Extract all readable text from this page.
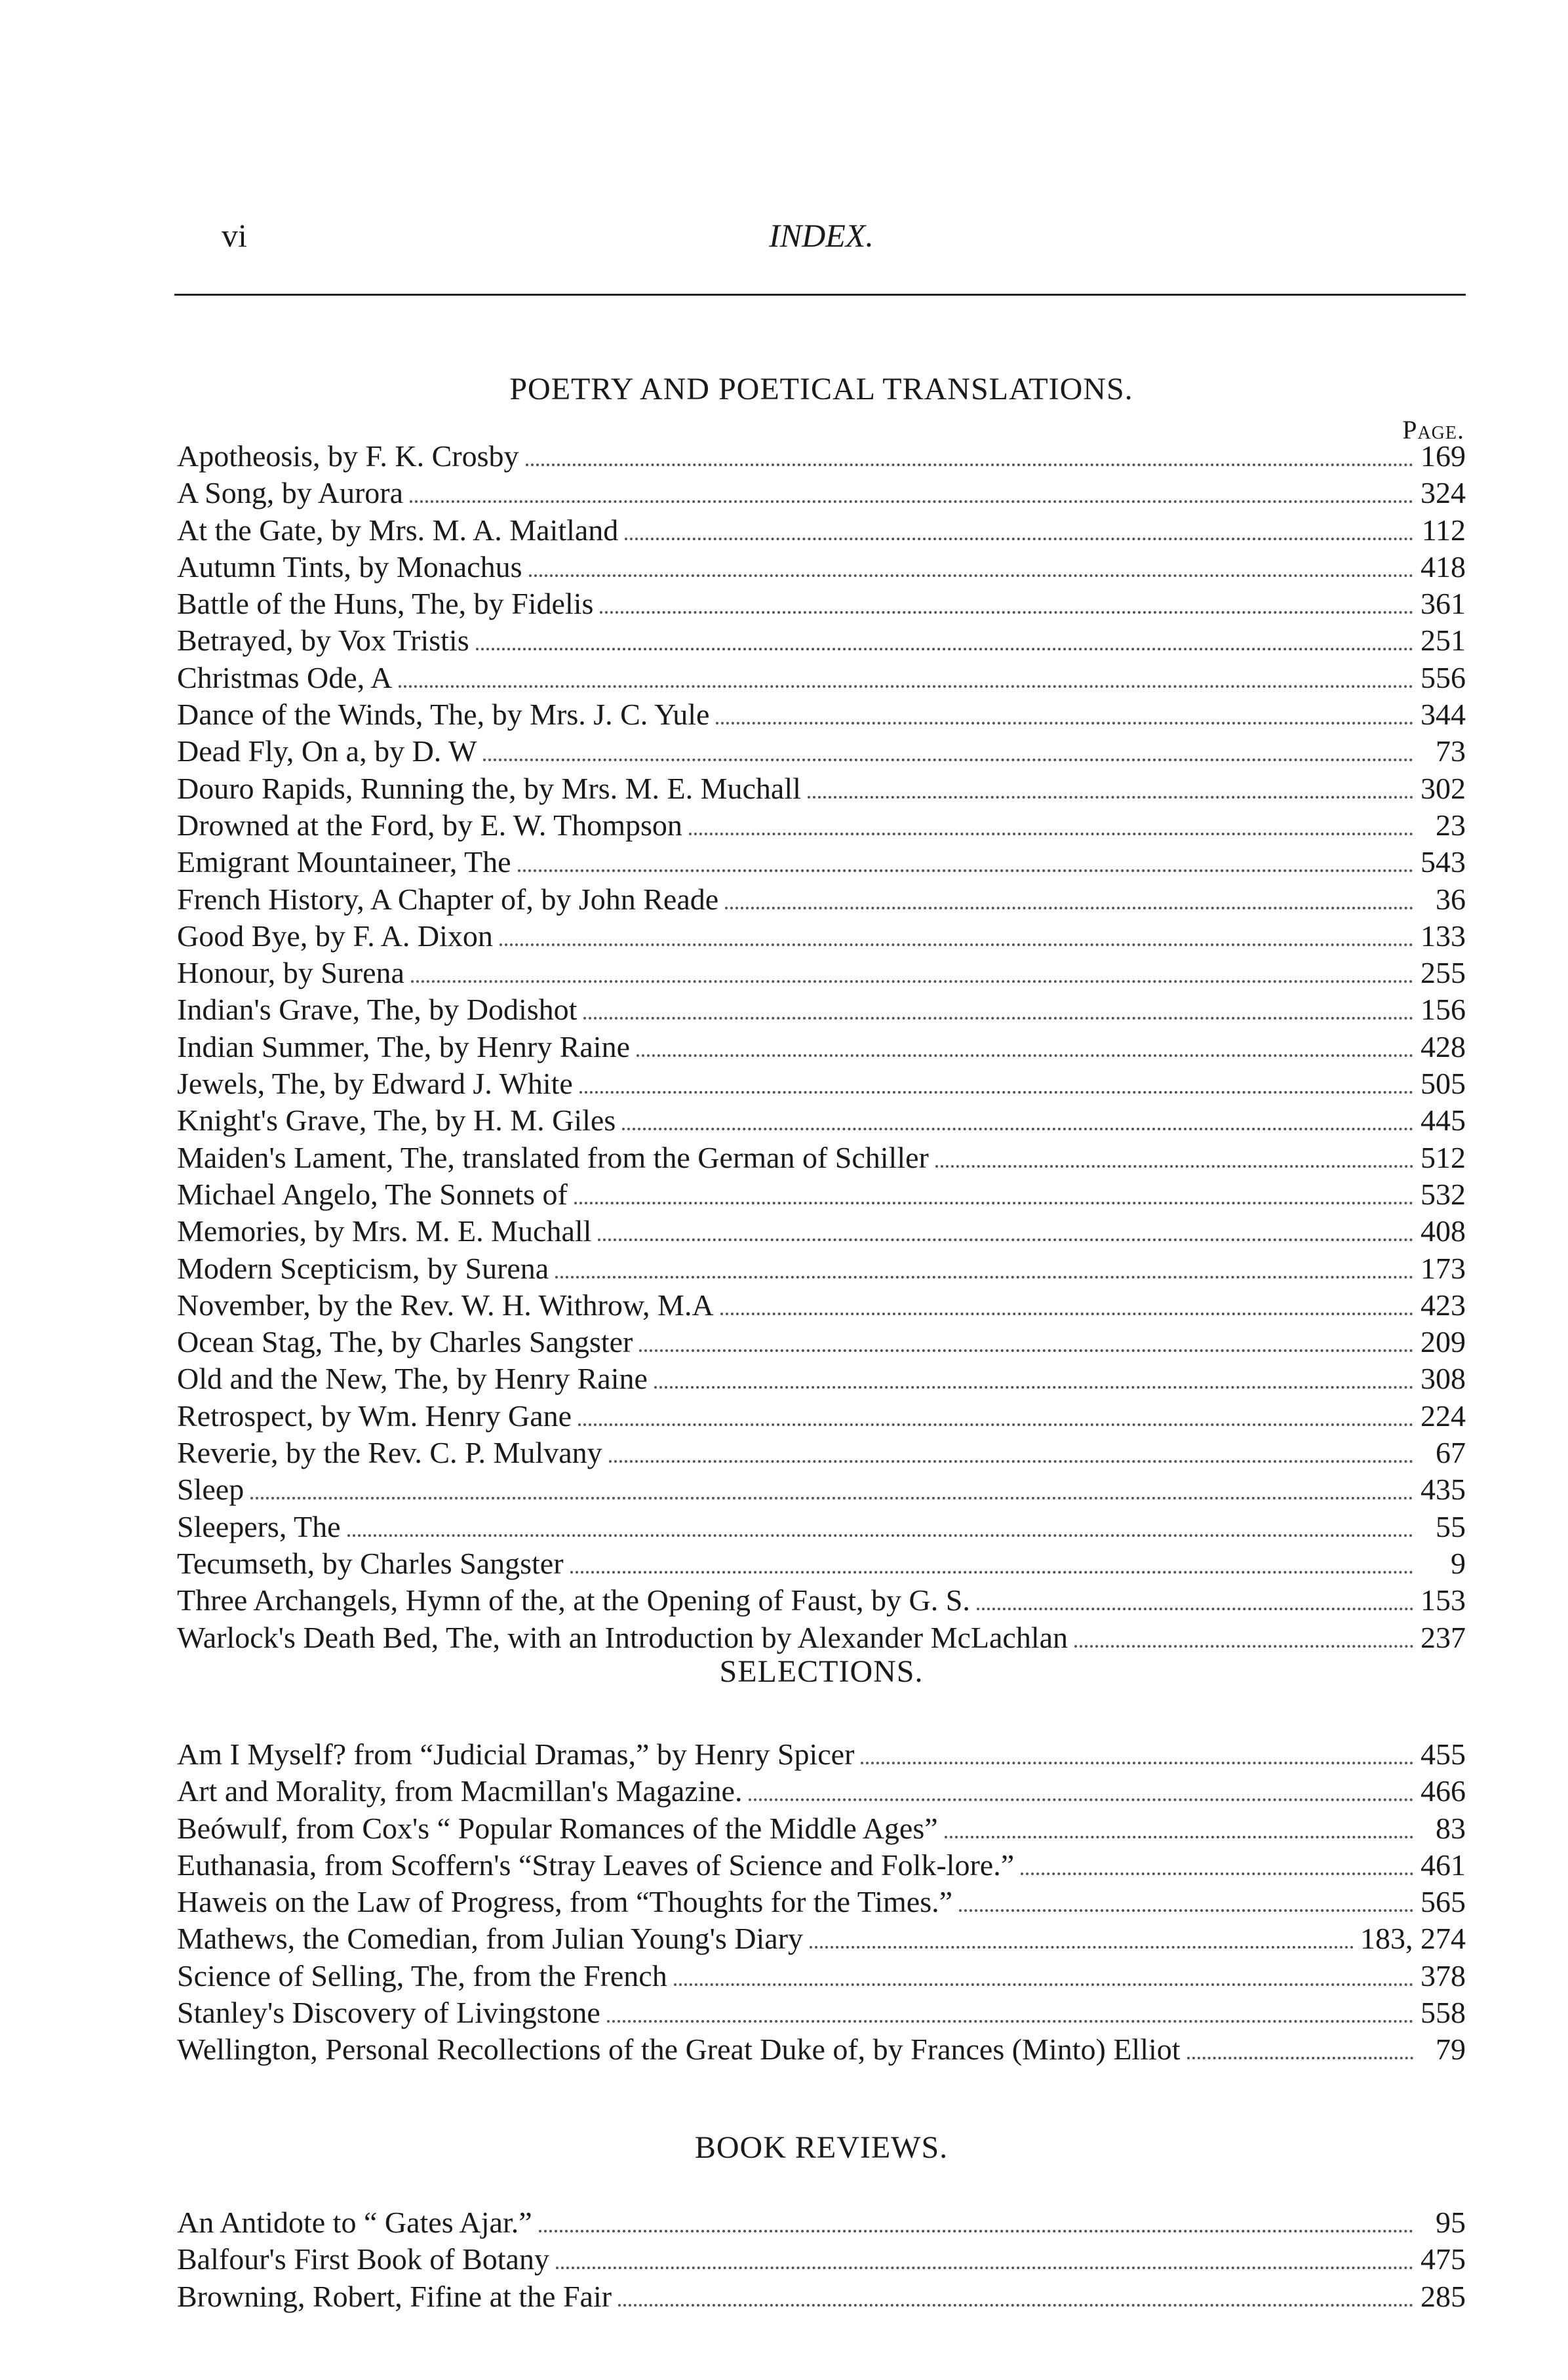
vi	INDEX.
POETRY AND POETICAL TRANSLATIONS.
Page.
Apotheosis, by F. K. Crosby	169
A Song, by Aurora	324
At the Gate, by Mrs. M. A. Maitland	112
Autumn Tints, by Monachus	418
Battle of the Huns, The, by Fidelis	361
Betrayed, by Vox Tristis	251
Christmas Ode, A	556
Dance of the Winds, The, by Mrs. J. C. Yule	344
Dead Fly, On a, by D. W	73
Douro Rapids, Running the, by Mrs. M. E. Muchall	302
Drowned at the Ford, by E. W. Thompson	23
Emigrant Mountaineer, The	543
French History, A Chapter of, by John Reade	36
Good Bye, by F. A. Dixon	133
Honour, by Surena	255
Indian's Grave, The, by Dodishot	156
Indian Summer, The, by Henry Raine	428
Jewels, The, by Edward J. White	505
Knight's Grave, The, by H. M. Giles	445
Maiden's Lament, The, translated from the German of Schiller	512
Michael Angelo, The Sonnets of	532
Memories, by Mrs. M. E. Muchall	408
Modern Scepticism, by Surena	173
November, by the Rev. W. H. Withrow, M.A	423
Ocean Stag, The, by Charles Sangster	209
Old and the New, The, by Henry Raine	308
Retrospect, by Wm. Henry Gane	224
Reverie, by the Rev. C. P. Mulvany	67
Sleep	435
Sleepers, The	55
Tecumseth, by Charles Sangster	9
Three Archangels, Hymn of the, at the Opening of Faust, by G. S.	153
Warlock's Death Bed, The, with an Introduction by Alexander McLachlan	237
SELECTIONS.
Am I Myself? from “Judicial Dramas,” by Henry Spicer	455
Art and Morality, from Macmillan's Magazine.	466
Beówulf, from Cox's “ Popular Romances of the Middle Ages”	83
Euthanasia, from Scoffern's “Stray Leaves of Science and Folk-lore.”	461
Haweis on the Law of Progress, from “Thoughts for the Times.”	565
Mathews, the Comedian, from Julian Young's Diary	183, 274
Science of Selling, The, from the French	378
Stanley's Discovery of Livingstone	558
Wellington, Personal Recollections of the Great Duke of, by Frances (Minto) Elliot	79
BOOK REVIEWS.
An Antidote to “ Gates Ajar.”	95
Balfour's First Book of Botany	475
Browning, Robert, Fifine at the Fair	285
